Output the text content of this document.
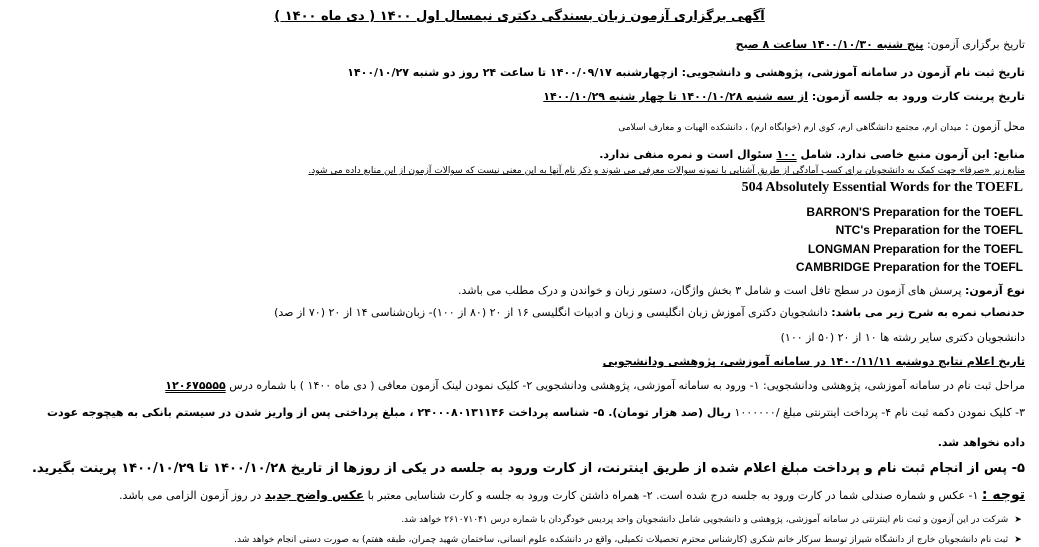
آگهی برگزاری آزمون زبان بسندگی دکتری نیمسال اول ۱۴۰۰ ( دی ماه ۱۴۰۰ )
تاریخ برگزاری آزمون: پنج شنبه ۱۴۰۰/۱۰/۳۰ ساعت ۸ صبح
تاریخ ثبت نام آزمون در سامانه آموزشی، پژوهشی و دانشجویی: ازچهارشنبه ۱۴۰۰/۰۹/۱۷ تا ساعت ۲۴ روز دو شنبه ۱۴۰۰/۱۰/۲۷
تاریخ پرینت کارت ورود به جلسه آزمون: از سه شنبه ۱۴۰۰/۱۰/۲۸ تا چهار شنبه ۱۴۰۰/۱۰/۲۹
محل آزمون : میدان ارم، مجتمع دانشگاهی ارم، کوی ارم (خوابگاه ارم) ، دانشکده الهیات و معارف اسلامی
منابع: این آزمون منبع خاصی ندارد. شامل ۱۰۰ سئوال است و نمره منفی ندارد.
منابع زیر «صرفا» جهت کمک به دانشجویان برای کسب آمادگی از طریق آشنایی با نمونه سوالات معرفی می شوند و ذکر نام آنها به این معنی نیست که سوالات آزمون از این منابع داده می شود.
504 Absolutely Essential Words for the TOEFL
BARRON'S Preparation for the TOEFL
NTC's Preparation for the TOEFL
LONGMAN Preparation for the TOEFL
CAMBRIDGE Preparation for the TOEFL
نوع آزمون: پرسش های آزمون در سطح تافل است و شامل ۳ بخش واژگان، دستور زبان و خواندن و درک مطلب می باشد.
حدنصاب نمره به شرح زیر می باشد: دانشجویان دکتری آموزش زبان انگلیسی و زبان و ادبیات انگلیسی ۱۶ از ۲۰ (۸۰ از ۱۰۰)- زبان‌شناسی ۱۴ از ۲۰ (۷۰ از صد)
دانشجویان دکتری سایر رشته ها ۱۰ از ۲۰ (۵۰ از ۱۰۰)
تاریخ اعلام نتایج دوشنبه ۱۴۰۰/۱۱/۱۱ در سامانه آموزشی، پژوهشی ودانشجویی
مراحل ثبت نام در سامانه آموزشی، پژوهشی ودانشجویی: ۱- ورود به سامانه آموزشی، پژوهشی ودانشجویی ۲- کلیک نمودن لینک آزمون معافی ( دی ماه ۱۴۰۰ ) با شماره درس ۱۲۰۶۷۵۵۵۵
۳- کلیک نمودن دکمه ثبت نام ۴- پرداخت اینترنتی مبلغ /۱۰۰۰۰۰۰ ریال (صد هزار تومان). ۵- شناسه پرداخت ۲۴۰۰۰۸۰۱۳۱۱۴۶ ، مبلغ پرداختی پس از واریز شدن در سیستم بانکی به هیچوجه عودت
داده نخواهد شد.
۵- پس از انجام ثبت نام و پرداخت مبلغ اعلام شده از طریق اینترنت، از کارت ورود به جلسه در یکی از روزها از تاریخ ۱۴۰۰/۱۰/۲۸ تا ۱۴۰۰/۱۰/۲۹ پرینت بگیرید.
توجه : ۱- عکس و شماره صندلی شما در کارت ورود به جلسه درج شده است. ۲- همراه داشتن کارت ورود به جلسه و کارت شناسایی معتبر با عکس واضح جدید در روز آزمون الزامی می باشد.
➤ شرکت در این آزمون و ثبت نام اینترنتی در سامانه آموزشی، پژوهشی و دانشجویی شامل دانشجویان واحد پردیس خودگردان با شماره درس ۲۶۱۰۷۱۰۴۱ خواهد شد.
➤ ثبت نام دانشجویان خارج از دانشگاه شیراز توسط سرکار خانم شکری (کارشناس محترم تحصیلات تکمیلی، واقع در دانشکده علوم انسانی، ساختمان شهید چمران، طبقه هفتم) به صورت دستی انجام خواهد شد.
